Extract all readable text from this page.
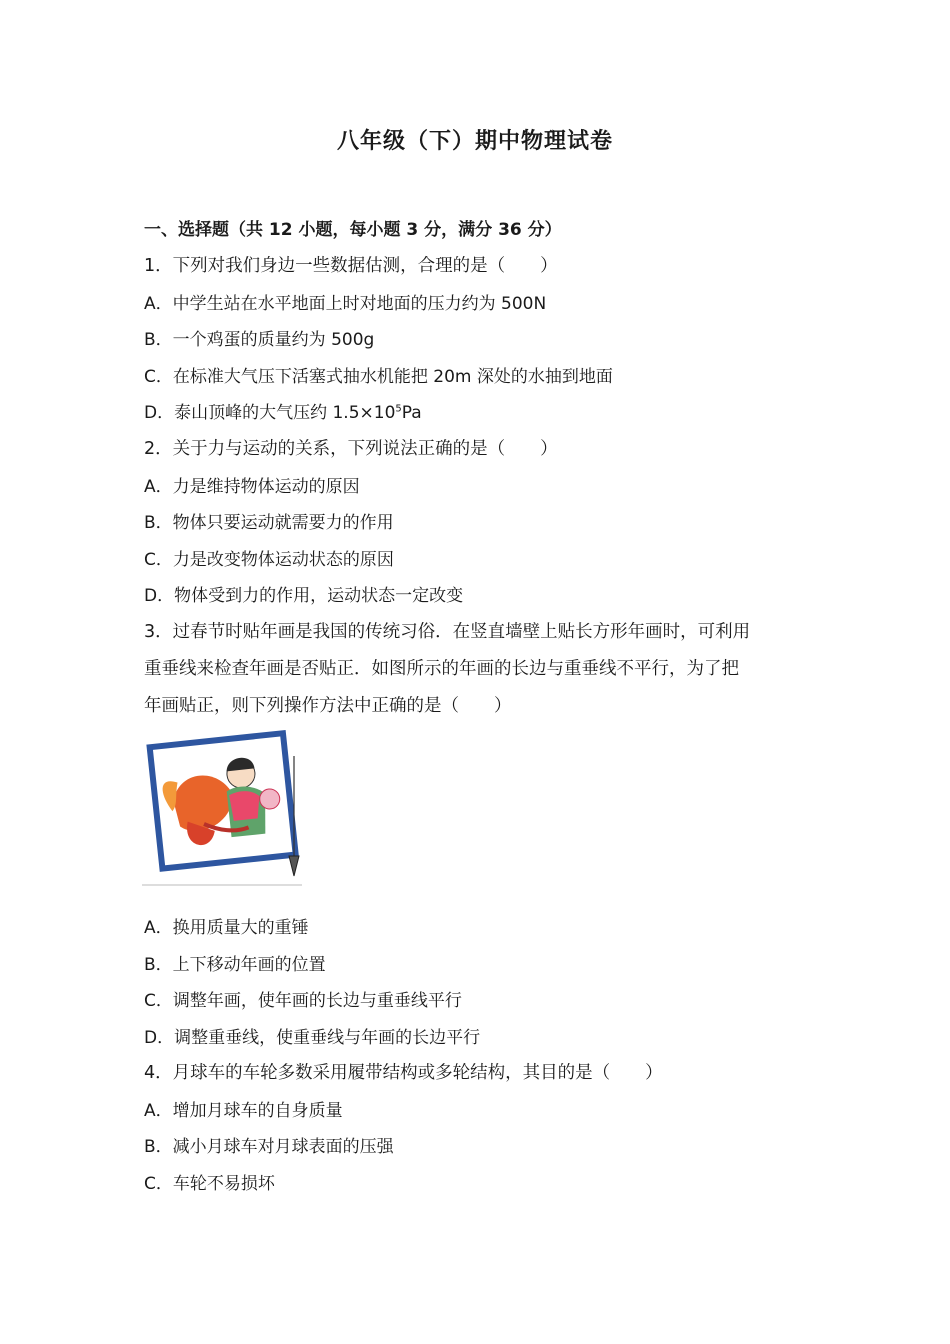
八年级（下）期中物理试卷
一、选择题（共 12 小题，每小题 3 分，满分 36 分）
1．下列对我们身边一些数据估测，合理的是（　　）
A．中学生站在水平地面上时对地面的压力约为 500N
B．一个鸡蛋的质量约为 500g
C．在标准大气压下活塞式抽水机能把 20m 深处的水抽到地面
D．泰山顶峰的大气压约 $1.5\times 10^5Pa$
2．关于力与运动的关系，下列说法正确的是（　　）
A．力是维持物体运动的原因
B．物体只要运动就需要力的作用
C．力是改变物体运动状态的原因
D．物体受到力的作用，运动状态一定改变
3．过春节时贴年画是我国的传统习俗．在竖直墙壁上贴长方形年画时，可利用
重垂线来检查年画是否贴正．如图所示的年画的长边与重垂线不平行，为了把
年画贴正，则下列操作方法中正确的是（　　）
A．换用质量大的重锤
B．上下移动年画的位置
C．调整年画，使年画的长边与重垂线平行
D．调整重垂线，使重垂线与年画的长边平行
4．月球车的车轮多数采用履带结构或多轮结构，其目的是（　　）
A．增加月球车的自身质量
B．减小月球车对月球表面的压强
C．车轮不易损坏
